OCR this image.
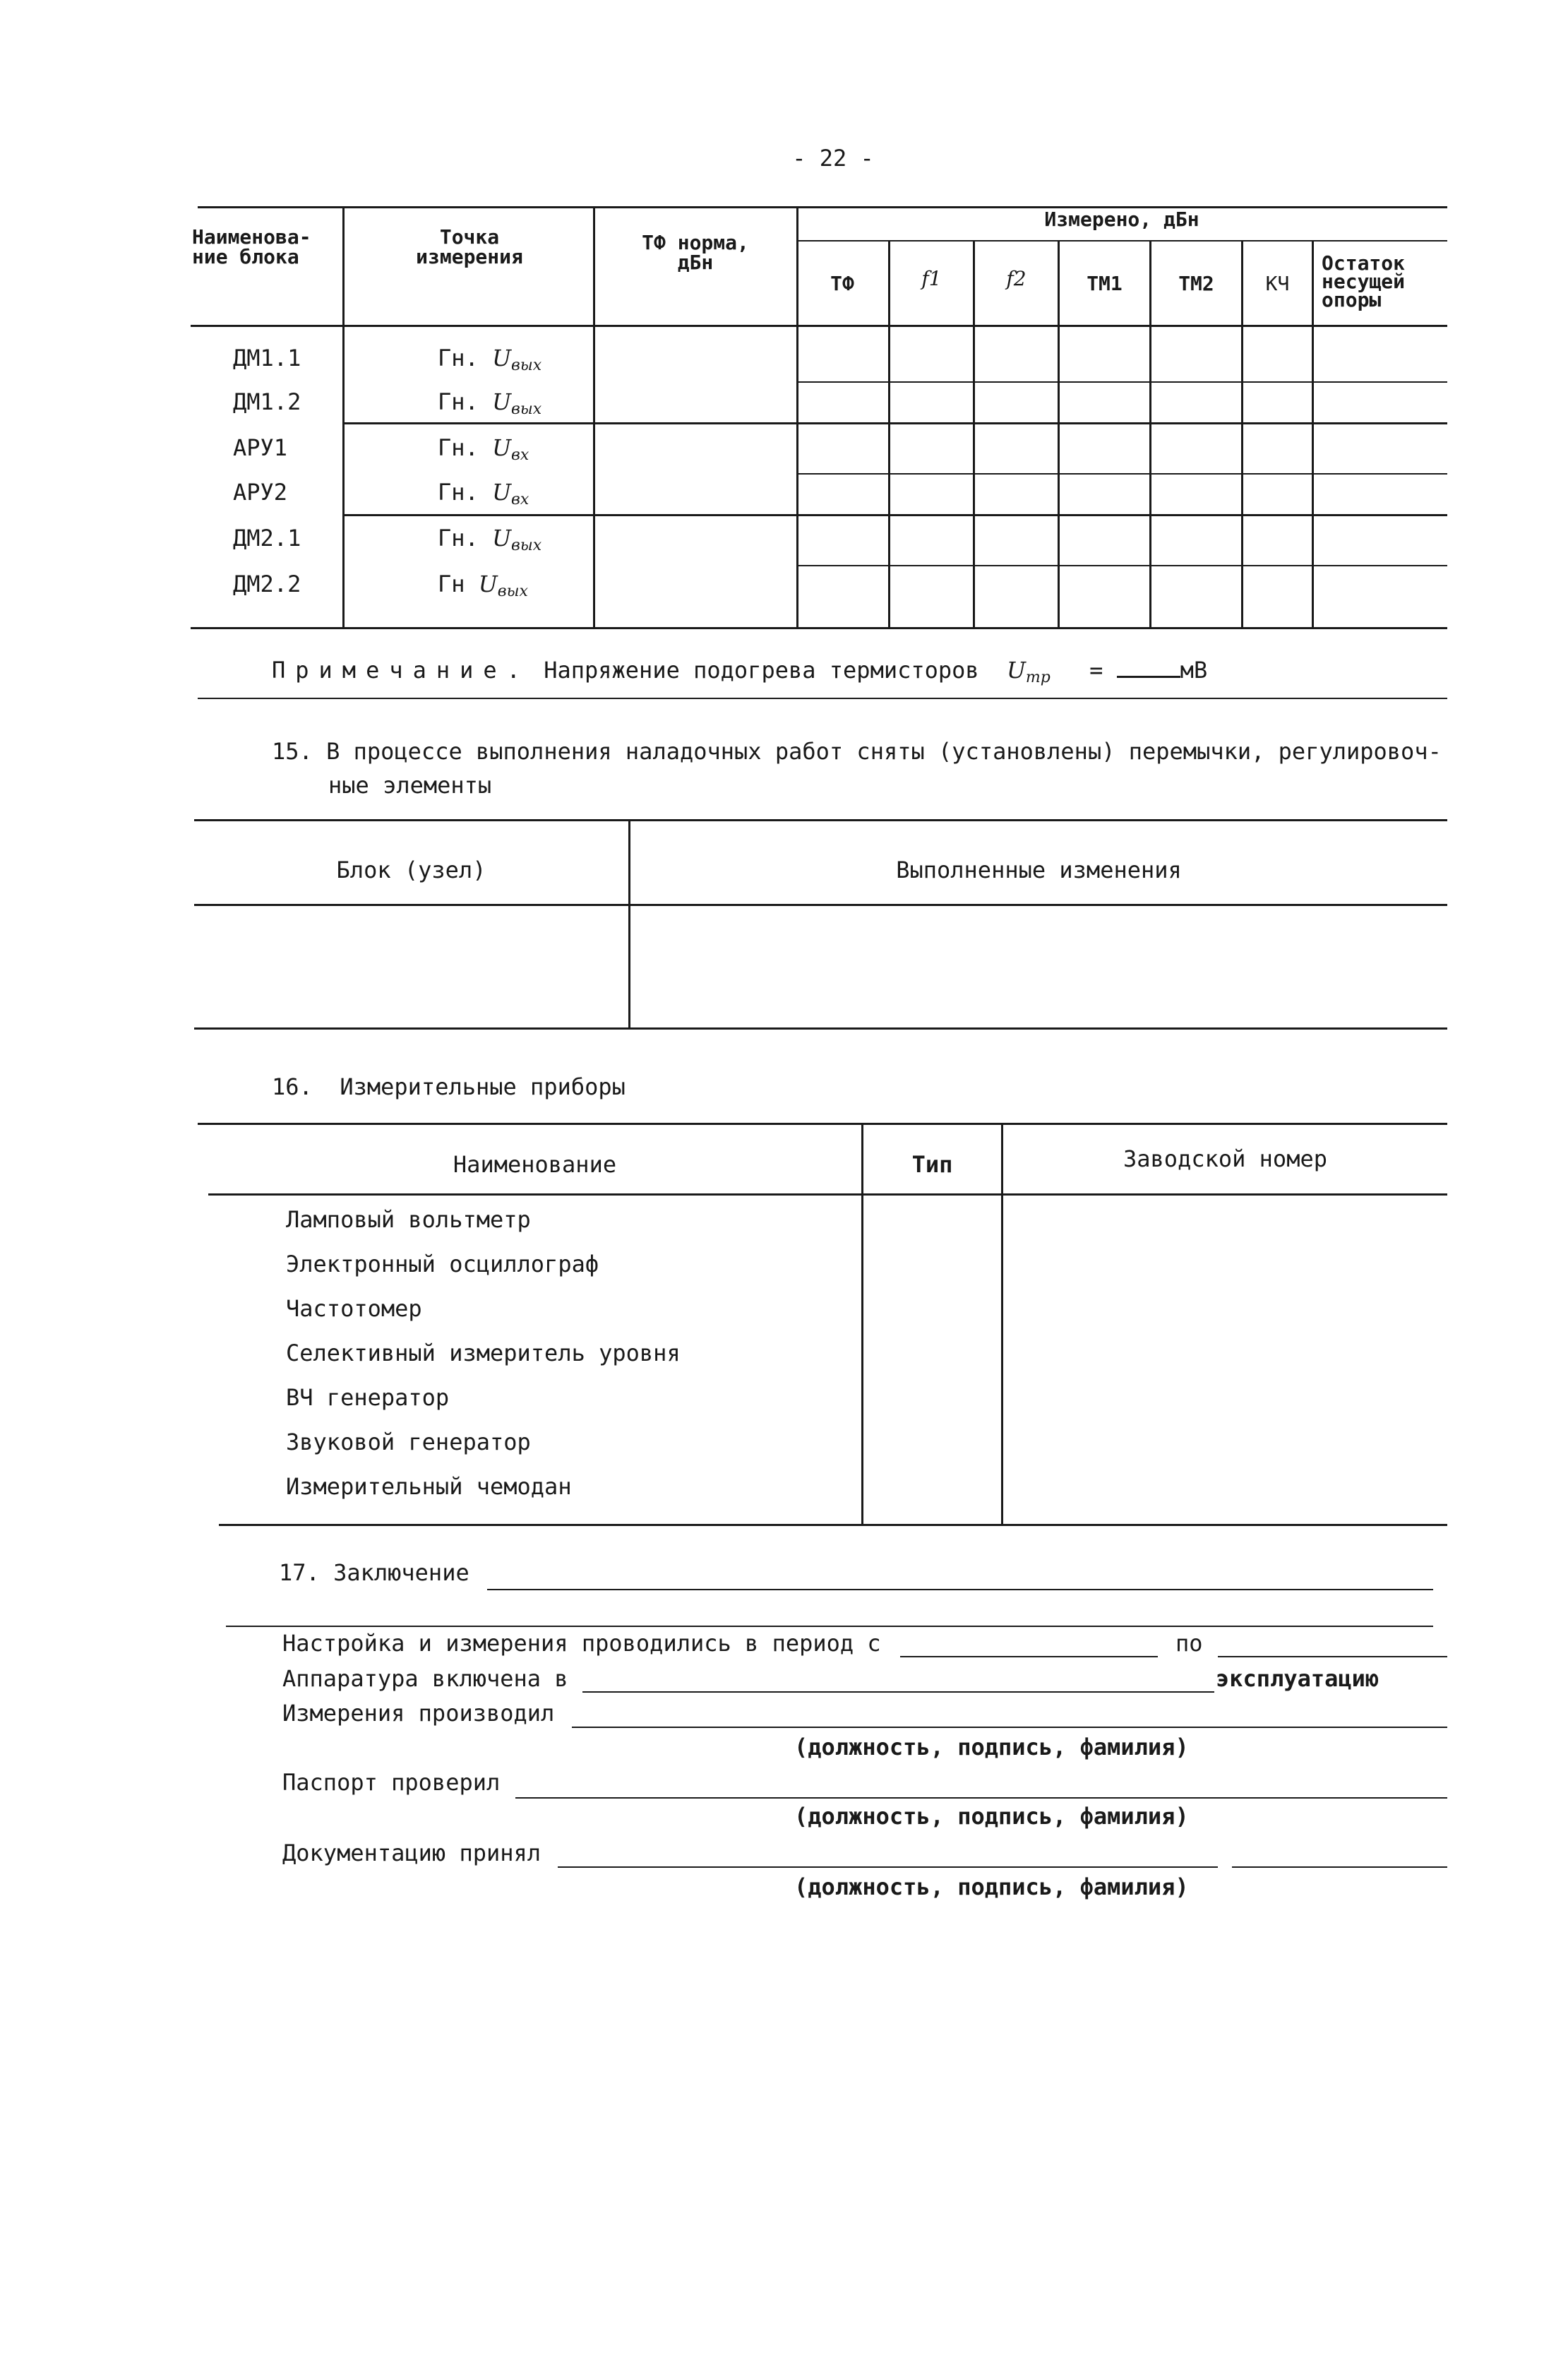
- 22 -
Наименова-
ние блока
Точка
измерения
ТФ норма,
дБн
Измерено, дБн
ТФ	f1	f2	ТМ1	ТМ2	КЧ
Остаток
несущей
опоры
ДМ1.1	Гн. $U_{вых}$
ДМ1.2	Гн. $U_{вых}$
АРУ1	Гн. $U_{вх}$
АРУ2	Гн. $U_{вх}$
ДМ2.1	Гн. $U_{вых}$
ДМ2.2	Гн $U_{вых}$
Примечание. Напряжение подогрева термисторов $U_{тр}$ =	мВ
15. В процессе выполнения наладочных работ сняты (установлены) перемычки, регулировоч-
ные элементы
Блок (узел)	Выполненные изменения
16.  Измерительные приборы
Наименование	Тип	Заводской номер
Ламповый вольтметр
Электронный осциллограф
Частотомер
Селективный измеритель уровня
ВЧ генератор
Звуковой генератор
Измерительный чемодан
17. Заключение
Настройка и измерения проводились в период с	по
Аппаратура включена в	эксплуатацию
Измерения производил
(должность, подпись, фамилия)
Паспорт проверил
(должность, подпись, фамилия)
Документацию принял
(должность, подпись, фамилия)
